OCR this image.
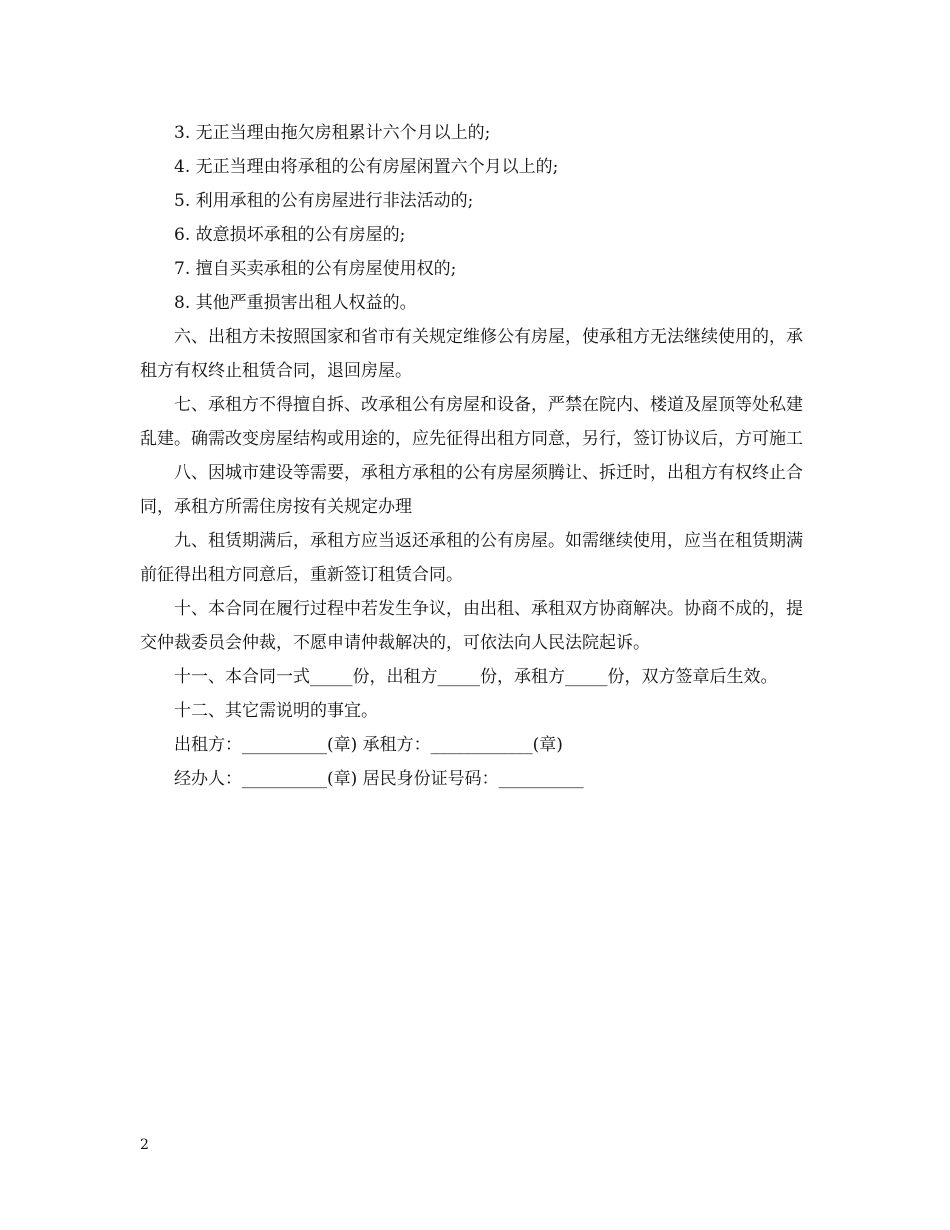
3. 无正当理由拖欠房租累计六个月以上的;

4. 无正当理由将承租的公有房屋闲置六个月以上的;

5. 利用承租的公有房屋进行非法活动的;

6. 故意损坏承租的公有房屋的;

7. 擅自买卖承租的公有房屋使用权的;

8. 其他严重损害出租人权益的。

六、出租方未按照国家和省市有关规定维修公有房屋，使承租方无法继续使用的，承租方有权终止租赁合同，退回房屋。

七、承租方不得擅自拆、改承租公有房屋和设备，严禁在院内、楼道及屋顶等处私建乱建。确需改变房屋结构或用途的，应先征得出租方同意，另行，签订协议后，方可施工

八、因城市建设等需要，承租方承租的公有房屋须腾让、拆迁时，出租方有权终止合同，承租方所需住房按有关规定办理

九、租赁期满后，承租方应当返还承租的公有房屋。如需继续使用，应当在租赁期满前征得出租方同意后，重新签订租赁合同。

十、本合同在履行过程中若发生争议，由出租、承租双方协商解决。协商不成的，提交仲裁委员会仲裁，不愿申请仲裁解决的，可依法向人民法院起诉。

十一、本合同一式_____份，出租方_____份，承租方_____份，双方签章后生效。

十二、其它需说明的事宜。

出租方：__________(章) 承租方：____________(章)

经办人：__________(章) 居民身份证号码：__________

2
